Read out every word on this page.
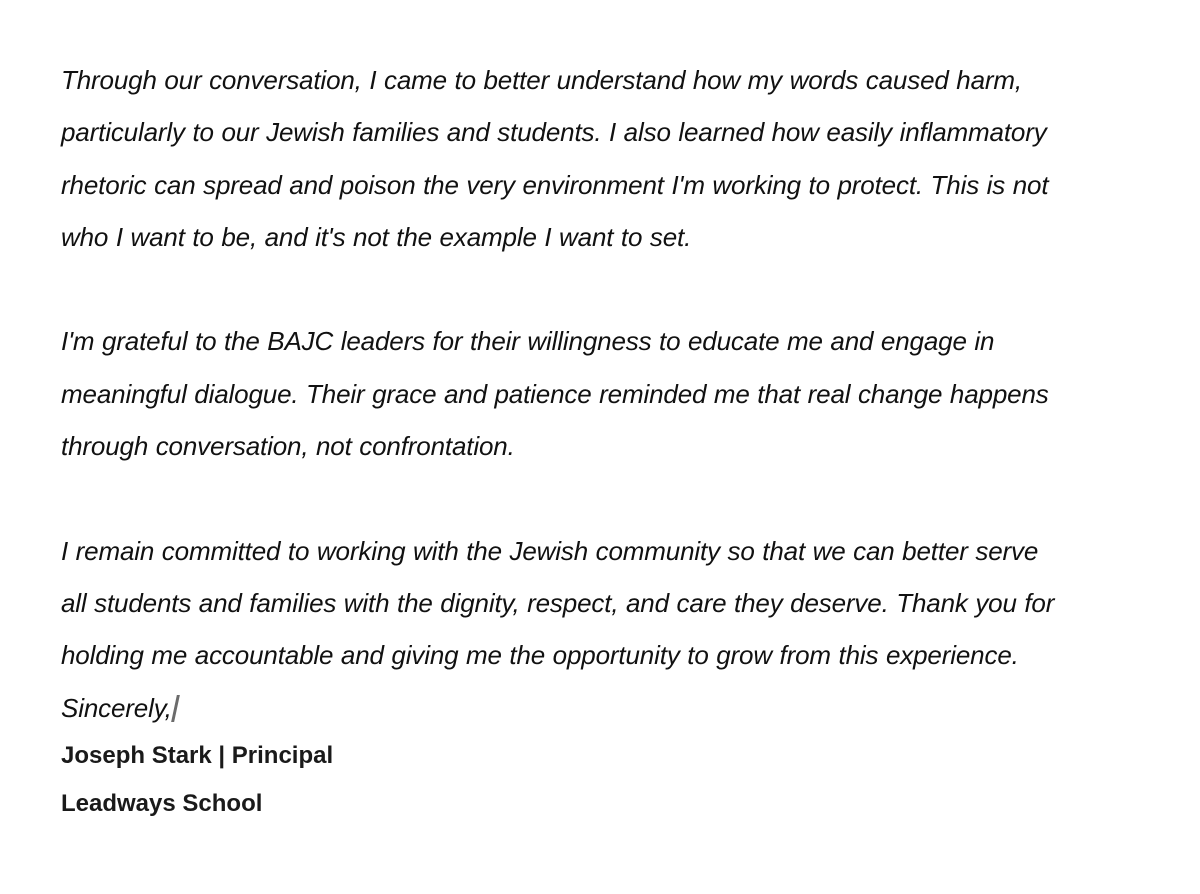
Through our conversation, I came to better understand how my words caused harm,
particularly to our Jewish families and students. I also learned how easily inflammatory
rhetoric can spread and poison the very environment I'm working to protect. This is not
who I want to be, and it's not the example I want to set.

I'm grateful to the BAJC leaders for their willingness to educate me and engage in
meaningful dialogue. Their grace and patience reminded me that real change happens
through conversation, not confrontation.

I remain committed to working with the Jewish community so that we can better serve
all students and families with the dignity, respect, and care they deserve. Thank you for
holding me accountable and giving me the opportunity to grow from this experience.

Sincerely,

Joseph Stark | Principal

Leadways School
